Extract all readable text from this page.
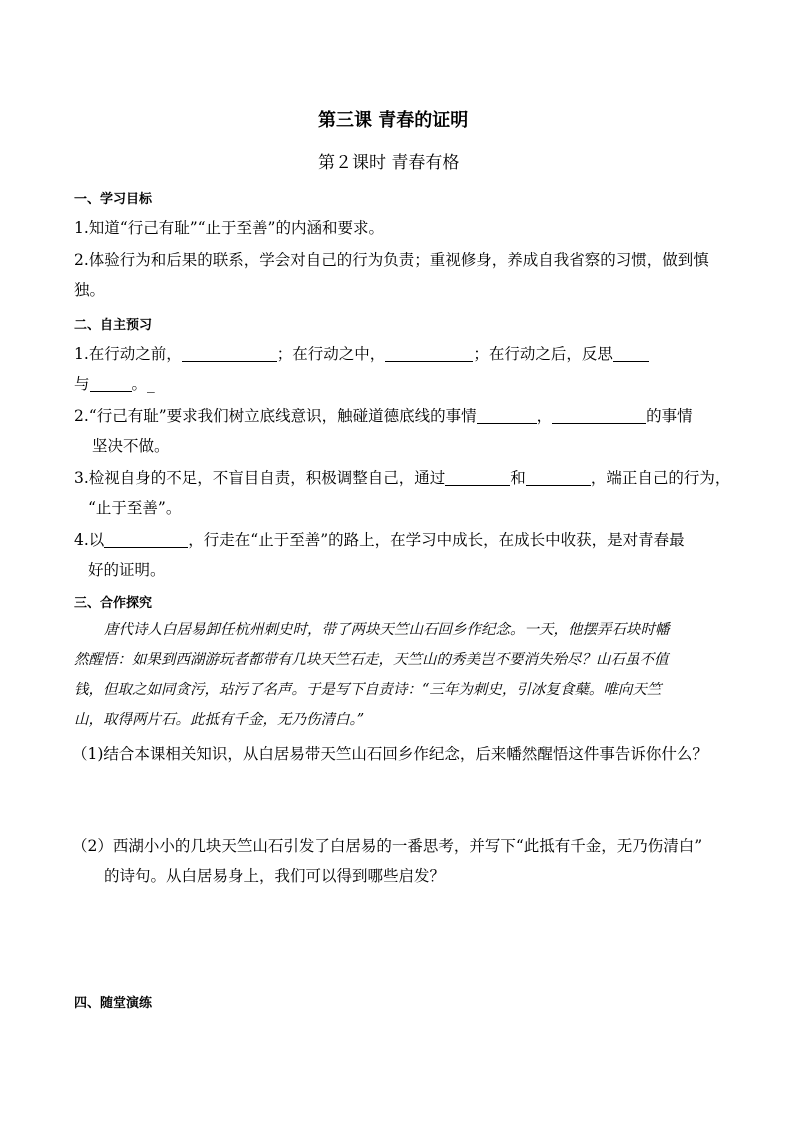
第三课 青春的证明
第２课时 青春有格
一、学习目标
1.知道“行己有耻”“止于至善”的内涵和要求。
2.体验行为和后果的联系，学会对自己的行为负责；重视修身，养成自我省察的习惯，做到慎
独。
二、自主预习
1.在行动之前，	；在行动之中，	；在行动之后，反思
与	。_
2.“行己有耻”要求我们树立底线意识，触碰道德底线的事情	，	的事情
坚决不做。
3.检视自身的不足，不盲目自责，积极调整自己，通过	和	，端正自己的行为，
“止于至善”。
4.以	，行走在“止于至善”的路上，在学习中成长，在成长中收获，是对青春最
好的证明。
三、合作探究
唐代诗人白居易卸任杭州刺史时，带了两块天竺山石回乡作纪念。一天，他摆弄石块时幡
然醒悟：如果到西湖游玩者都带有几块天竺石走，天竺山的秀美岂不要消失殆尽？山石虽不值
钱，但取之如同贪污，玷污了名声。于是写下自责诗：“三年为刺史，引冰复食蘖。唯向天竺
山，取得两片石。此抵有千金，无乃伤清白。”
（1)结合本课相关知识，从白居易带天竺山石回乡作纪念，后来幡然醒悟这件事告诉你什么？
（2）西湖小小的几块天竺山石引发了白居易的一番思考，并写下“此抵有千金，无乃伤清白”
的诗句。从白居易身上，我们可以得到哪些启发？
四、随堂演练
